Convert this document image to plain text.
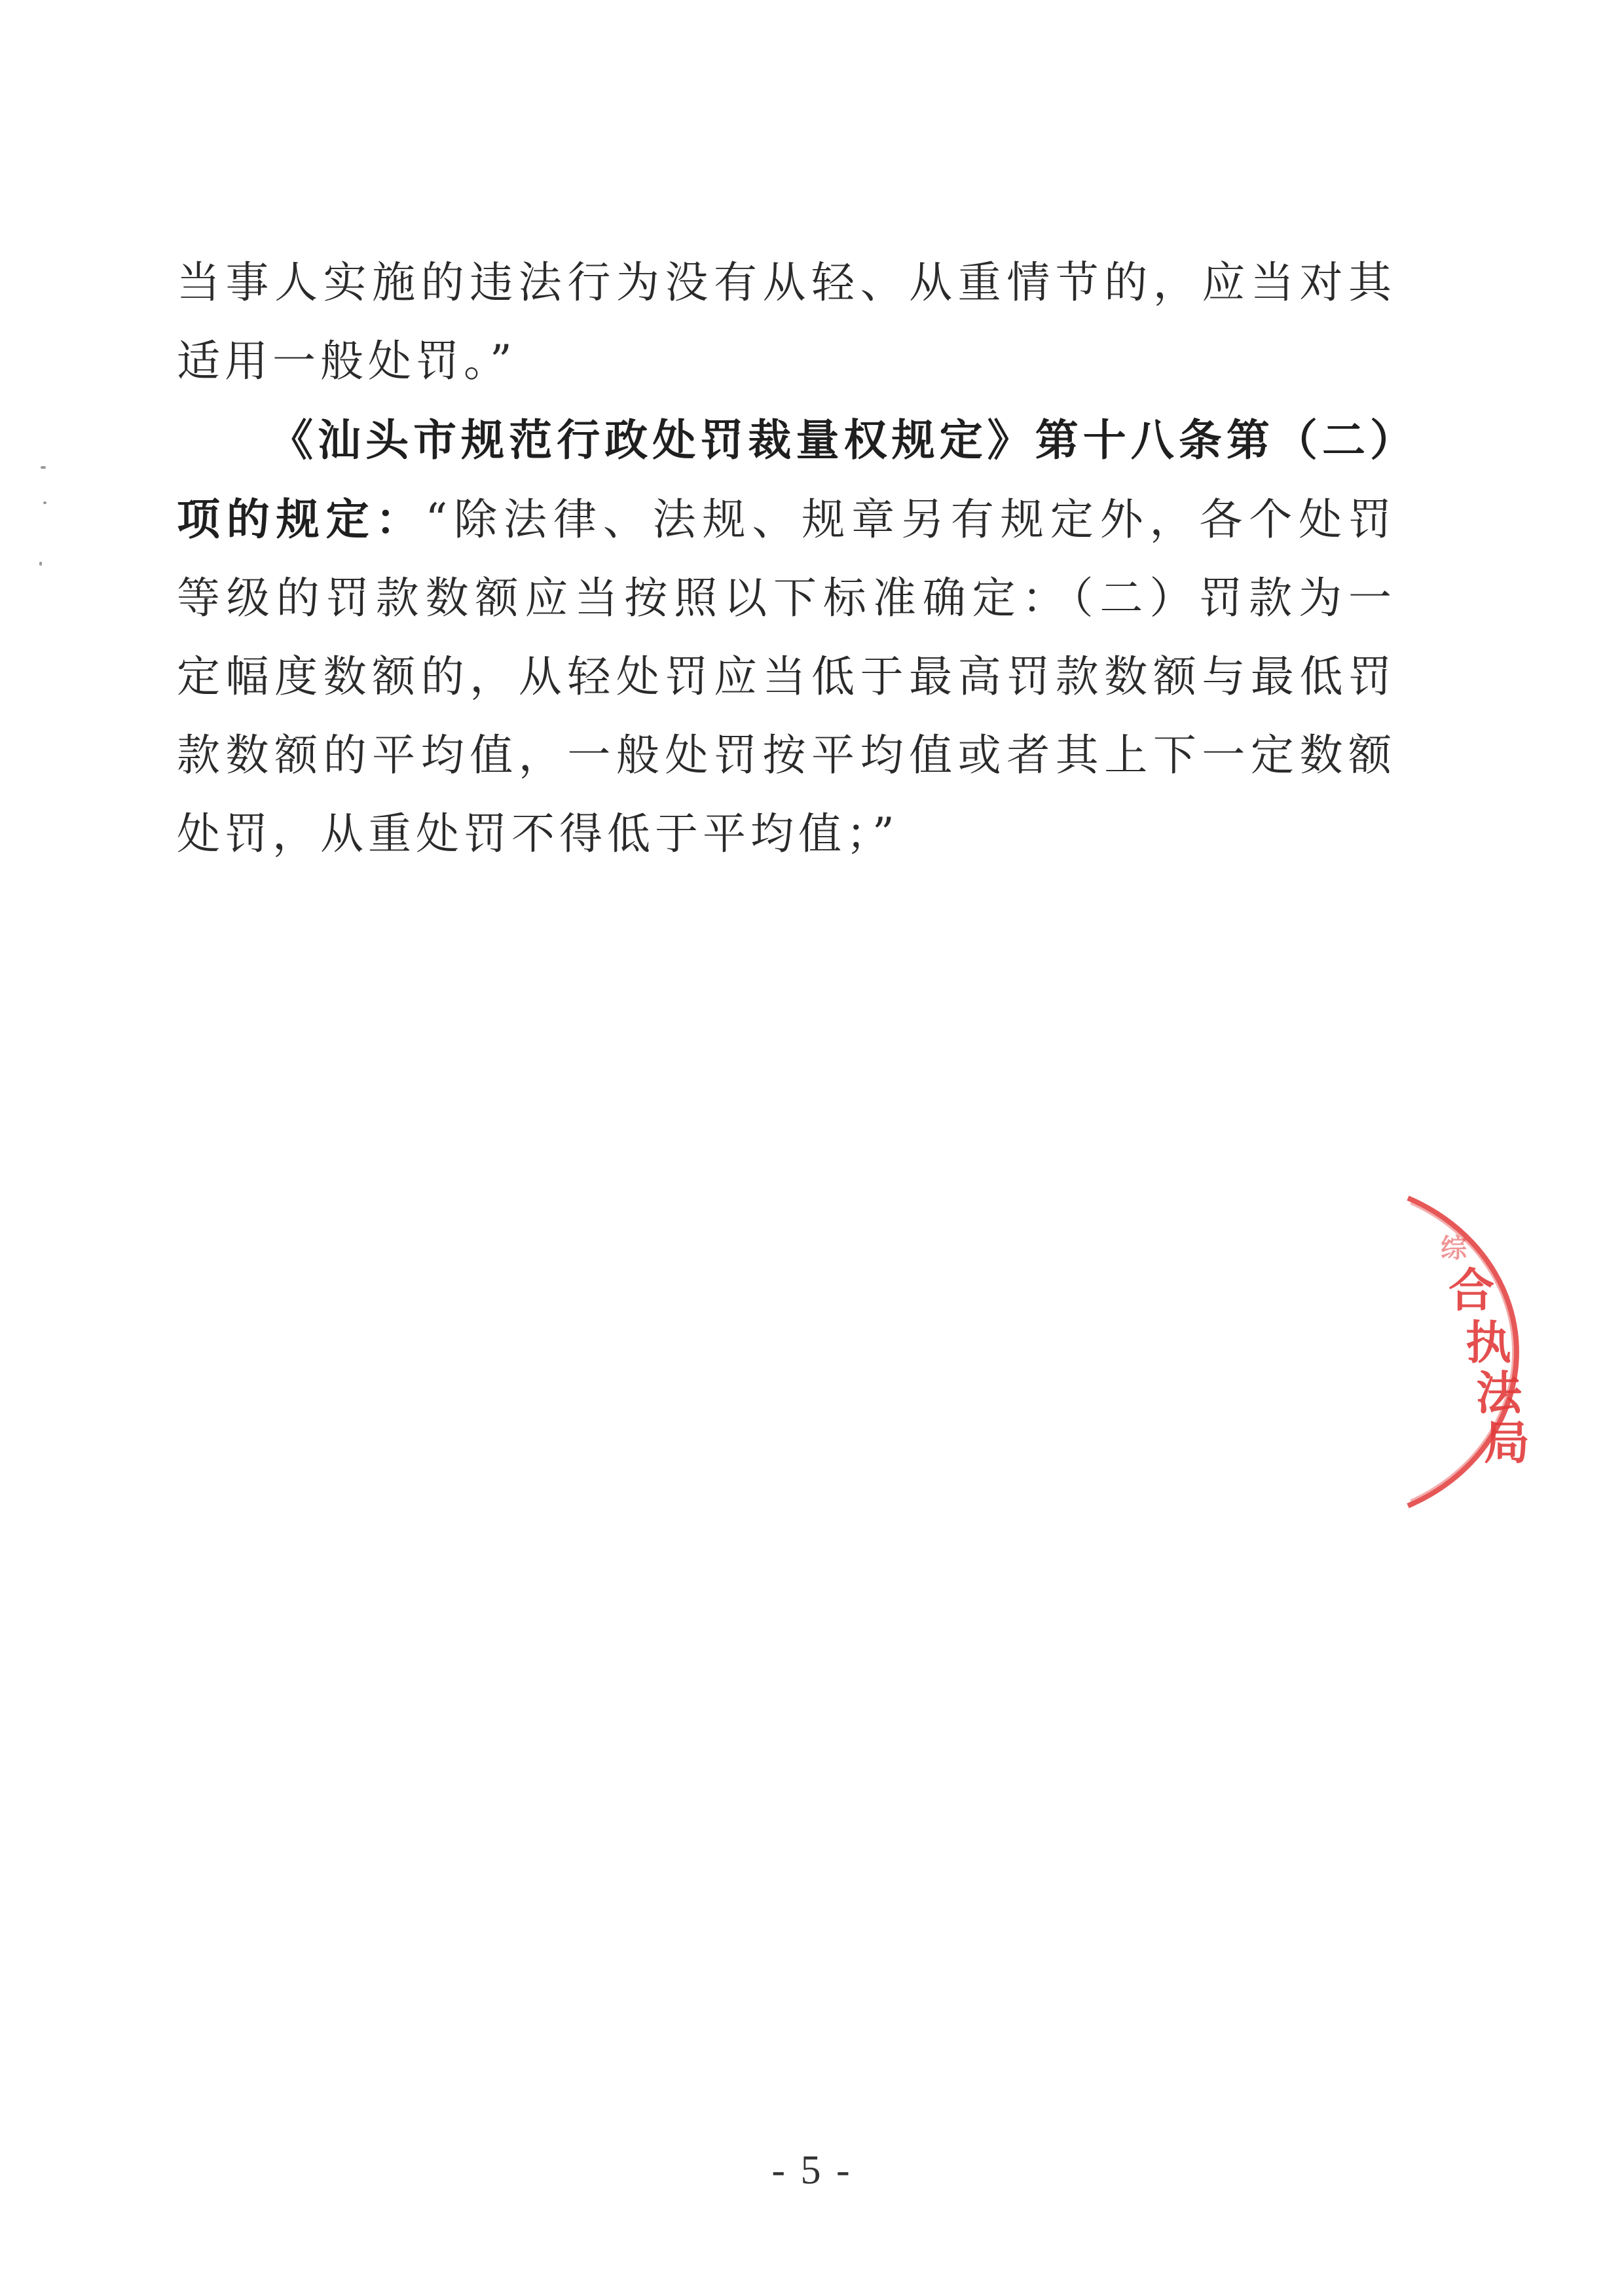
当事人实施的违法行为没有从轻、从重情节的，应当对其适用一般处罚。”

《汕头市规范行政处罚裁量权规定》第十八条第（二）项的规定：“除法律、法规、规章另有规定外，各个处罚等级的罚款数额应当按照以下标准确定：（二）罚款为一定幅度数额的，从轻处罚应当低于最高罚款数额与最低罚款数额的平均值，一般处罚按平均值或者其上下一定数额处罚，从重处罚不得低于平均值；”

综 合 执 法 局
- 5 -
